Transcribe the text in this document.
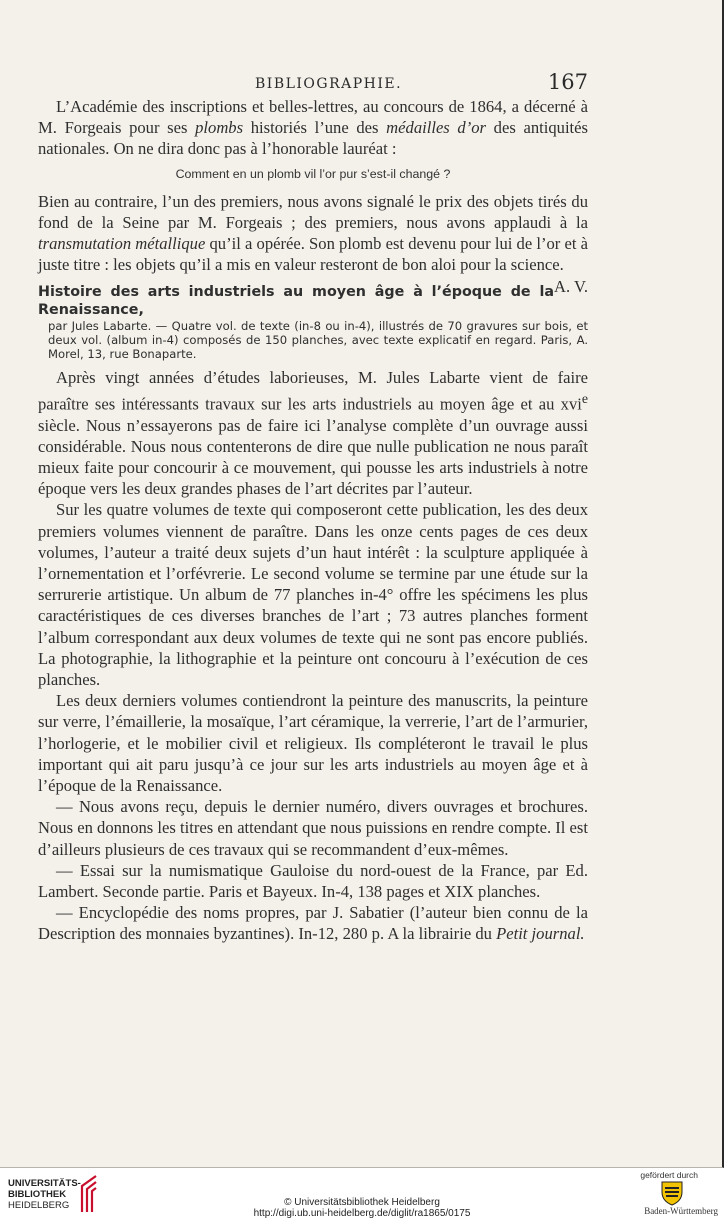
BIBLIOGRAPHIE.	167

L’Académie des inscriptions et belles-lettres, au concours de 1864, a décerné à M. Forgeais pour ses plombs historiés l’une des médailles d’or des antiquités nationales. On ne dira donc pas à l’honorable lauréat :

Comment en un plomb vil l’or pur s’est-il changé ?

Bien au contraire, l’un des premiers, nous avons signalé le prix des objets tirés du fond de la Seine par M. Forgeais ; des premiers, nous avons applaudi à la transmutation métallique qu’il a opérée. Son plomb est devenu pour lui de l’or et à juste titre : les objets qu’il a mis en valeur resteront de bon aloi pour la science.
A. V.

Histoire des arts industriels au moyen âge à l’époque de la Renaissance,
par Jules Labarte. — Quatre vol. de texte (in-8 ou in-4), illustrés de 70 gravures sur bois, et deux vol. (album in-4) composés de 150 planches, avec texte explicatif en regard. Paris, A. Morel, 13, rue Bonaparte.

Après vingt années d’études laborieuses, M. Jules Labarte vient de faire paraître ses intéressants travaux sur les arts industriels au moyen âge et au xvi$^e$ siècle. Nous n’essayerons pas de faire ici l’analyse complète d’un ouvrage aussi considérable. Nous nous contenterons de dire que nulle publication ne nous paraît mieux faite pour concourir à ce mouvement, qui pousse les arts industriels à notre époque vers les deux grandes phases de l’art décrites par l’auteur.

Sur les quatre volumes de texte qui composeront cette publication, les des deux premiers volumes viennent de paraître. Dans les onze cents pages de ces deux volumes, l’auteur a traité deux sujets d’un haut intérêt : la sculpture appliquée à l’ornementation et l’orfévrerie. Le second volume se termine par une étude sur la serrurerie artistique. Un album de 77 planches in-4° offre les spécimens les plus caractéristiques de ces diverses branches de l’art ; 73 autres planches forment l’album correspondant aux deux volumes de texte qui ne sont pas encore publiés. La photographie, la lithographie et la peinture ont concouru à l’exécution de ces planches.

Les deux derniers volumes contiendront la peinture des manuscrits, la peinture sur verre, l’émaillerie, la mosaïque, l’art céramique, la verrerie, l’art de l’armurier, l’horlogerie, et le mobilier civil et religieux. Ils compléteront le travail le plus important qui ait paru jusqu’à ce jour sur les arts industriels au moyen âge et à l’époque de la Renaissance.

— Nous avons reçu, depuis le dernier numéro, divers ouvrages et brochures. Nous en donnons les titres en attendant que nous puissions en rendre compte. Il est d’ailleurs plusieurs de ces travaux qui se recommandent d’eux-mêmes.

— Essai sur la numismatique Gauloise du nord-ouest de la France, par Ed. Lambert. Seconde partie. Paris et Bayeux. In-4, 138 pages et XIX planches.

— Encyclopédie des noms propres, par J. Sabatier (l’auteur bien connu de la Description des monnaies byzantines). In-12, 280 p. A la librairie du Petit journal.

UNIVERSITÄTS-
BIBLIOTHEK
HEIDELBERG	© Universitätsbibliothek Heidelberg
http://digi.ub.uni-heidelberg.de/diglit/ra1865/0175
gefördert durch
Baden-Württemberg
